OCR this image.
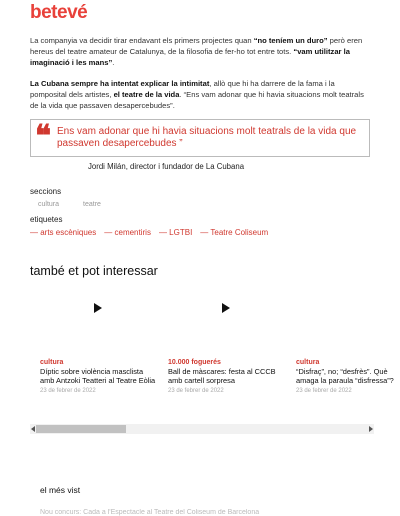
betevé

La companyia va decidir tirar endavant els primers projectes quan “no teníem un duro” però eren hereus del teatre amateur de Catalunya, de la filosofia de fer-ho tot entre tots. “vam utilitzar la imaginació i les mans”.

La Cubana sempre ha intentat explicar la intimitat, allò que hi ha darrere de la fama i la pomposital dels artistes, el teatre de la vida. “Ens vam adonar que hi havia situacions molt teatrals de la vida que passaven desapercebudes”.

❝ Ens vam adonar que hi havia situacions molt teatrals de la vida que passaven desapercebudes ”
Jordi Milán, director i fundador de La Cubana
seccions
cultura	teatre
etiquetes
— arts escèniques — cementiris — LGTBI — Teatre Coliseum
també et pot interessar
cultura
Díptic sobre violència masclista amb Antzoki Teatteri al Teatre Eòlia
23 de febrer de 2022
10.000 foguerés
Ball de màscares: festa al CCCB amb cartell sorpresa
23 de febrer de 2022
cultura
“Disfraç”, no; “desfrès”. Què amaga la paraula “disfressa”?
23 de febrer de 2022
el més vist
Nou concurs: Cada a l'Espectacle al Teatre del Coliseum de Barcelona
